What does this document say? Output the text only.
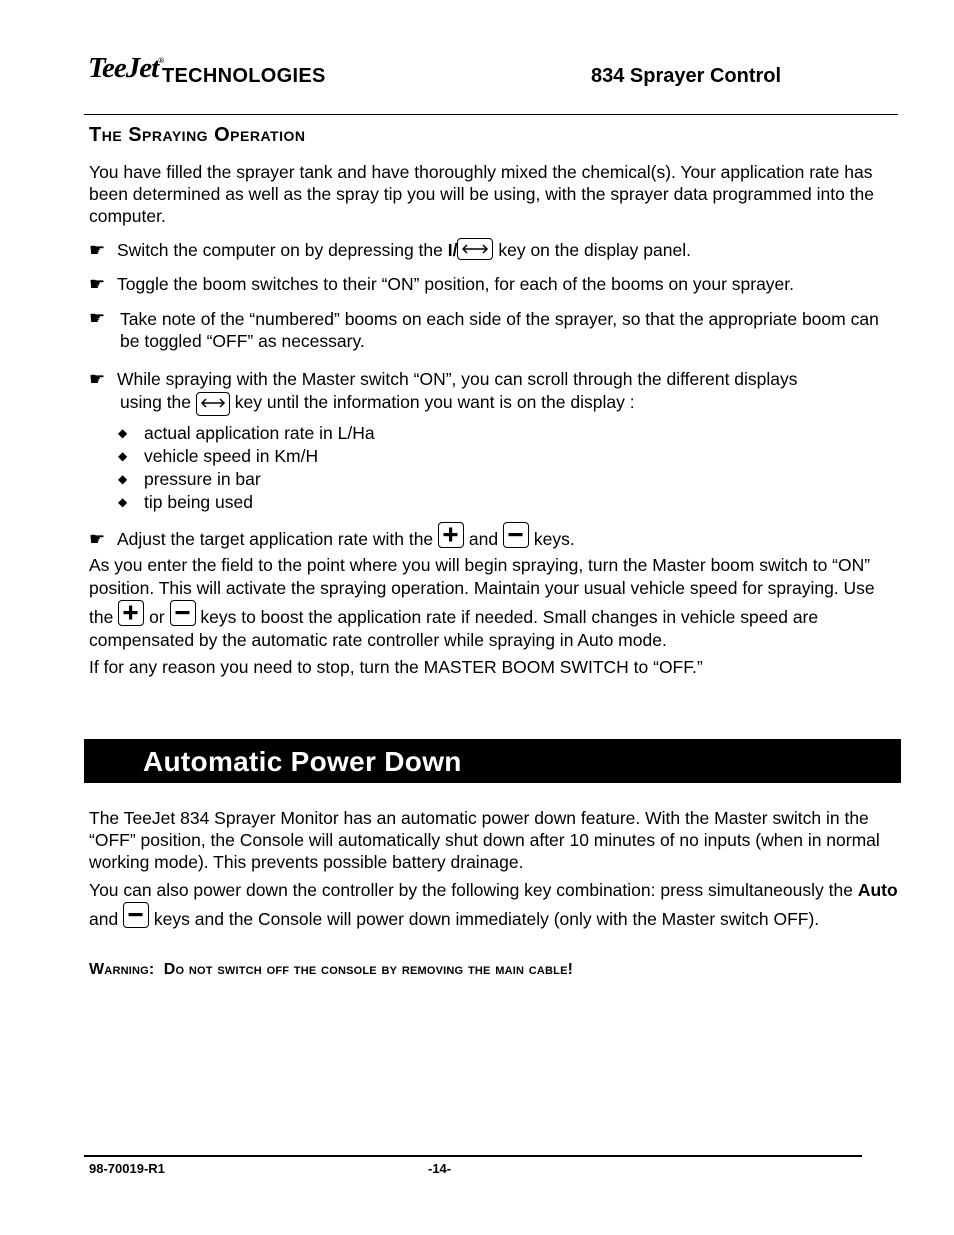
TeeJet®
TECHNOLOGIES	834 Sprayer Control
The Spraying Operation
You have filled the sprayer tank and have thoroughly mixed the chemical(s). Your application rate has been determined as well as the spray tip you will be using, with the sprayer data programmed into the computer.
☛ Switch the computer on by depressing the I/
key on the display panel.
☛ Toggle the boom switches to their “ON” position, for each of the booms on your sprayer.
☛ Take note of the “numbered” booms on each side of the sprayer, so that the appropriate boom can be toggled “OFF” as necessary.
☛ While spraying with the Master switch “ON”, you can scroll through the different displays
using the
key until the information you want is on the display :
◆ actual application rate in L/Ha
◆ vehicle speed in Km/H
◆ pressure in bar
◆ tip being used
☛ Adjust the target application rate with the
and
keys.
As you enter the field to the point where you will begin spraying, turn the Master boom switch to “ON” position. This will activate the spraying operation. Maintain your usual vehicle speed for spraying. Use the
or
keys to boost the application rate if needed. Small changes in vehicle speed are compensated by the automatic rate controller while spraying in Auto mode.
If for any reason you need to stop, turn the MASTER BOOM SWITCH to “OFF.”
Automatic Power Down
The TeeJet 834 Sprayer Monitor has an automatic power down feature. With the Master switch in the “OFF” position, the Console will automatically shut down after 10 minutes of no inputs (when in normal working mode). This prevents possible battery drainage.
You can also power down the controller by the following key combination: press simultaneously the Auto and
keys and the Console will power down immediately (only with the Master switch OFF).
Warning: Do not switch off the console by removing the main cable!
98-70019-R1	-14-
